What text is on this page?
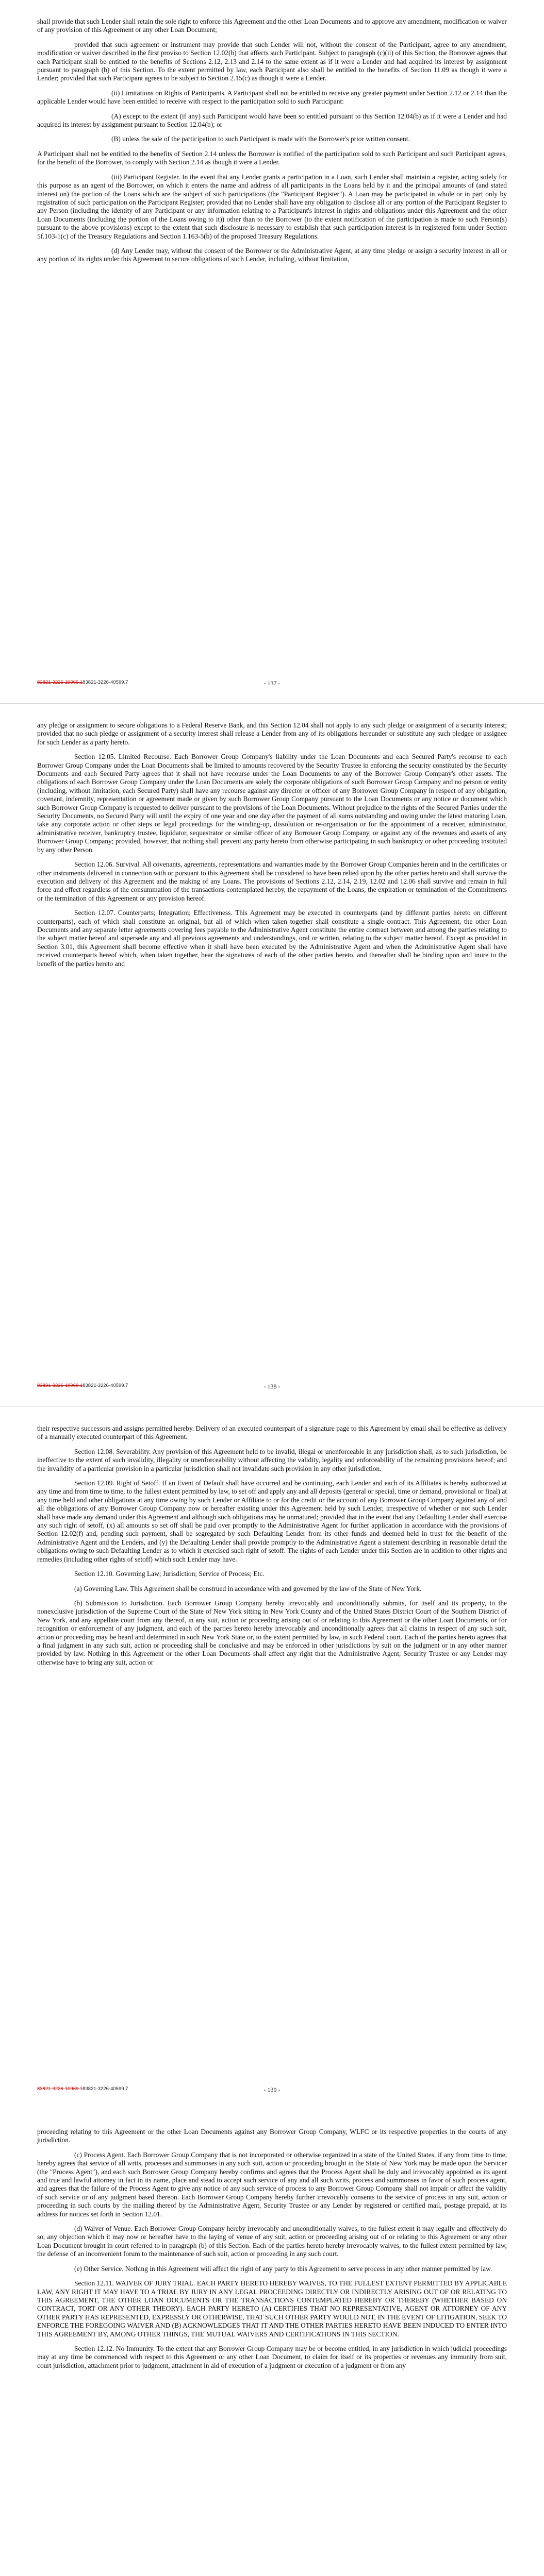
shall provide that such Lender shall retain the sole right to enforce this Agreement and the other Loan Documents and to approve any amendment, modification or waiver of any provision of this Agreement or any other Loan Document;

provided that such agreement or instrument may provide that such Lender will not, without the consent of the Participant, agree to any amendment, modification or waiver described in the first proviso to Section 12.02(b) that affects such Participant. Subject to paragraph (c)(ii) of this Section, the Borrower agrees that each Participant shall be entitled to the benefits of Sections 2.12, 2.13 and 2.14 to the same extent as if it were a Lender and had acquired its interest by assignment pursuant to paragraph (b) of this Section. To the extent permitted by law, each Participant also shall be entitled to the benefits of Section 11.09 as though it were a Lender; provided that such Participant agrees to be subject to Section 2.15(c) as though it were a Lender.

(ii) Limitations on Rights of Participants. A Participant shall not be entitled to receive any greater payment under Section 2.12 or 2.14 than the applicable Lender would have been entitled to receive with respect to the participation sold to such Participant:

(A) except to the extent (if any) such Participant would have been so entitled pursuant to this Section 12.04(b) as if it were a Lender and had acquired its interest by assignment pursuant to Section 12.04(b); or

(B) unless the sale of the participation to such Participant is made with the Borrower's prior written consent.

A Participant shall not be entitled to the benefits of Section 2.14 unless the Borrower is notified of the participation sold to such Participant and such Participant agrees, for the benefit of the Borrower, to comply with Section 2.14 as though it were a Lender.

(iii) Participant Register. In the event that any Lender grants a participation in a Loan, such Lender shall maintain a register, acting solely for this purpose as an agent of the Borrower, on which it enters the name and address of all participants in the Loans held by it and the principal amounts of (and stated interest on) the portion of the Loans which are the subject of such participations (the "Participant Register"). A Loan may be participated in whole or in part only by registration of such participation on the Participant Register; provided that no Lender shall have any obligation to disclose all or any portion of the Participant Register to any Person (including the identity of any Participant or any information relating to a Participant's interest in rights and obligations under this Agreement and the other Loan Documents (including the portion of the Loans owing to it)) other than to the Borrower (to the extent notification of the participation is made to such Person(s) pursuant to the above provisions) except to the extent that such disclosure is necessary to establish that such participation interest is in registered form under Section 5f.103-1(c) of the Treasury Regulations and Section 1.163-5(b) of the proposed Treasury Regulations.

(d) Any Lender may, without the consent of the Borrower or the Administrative Agent, at any time pledge or assign a security interest in all or any portion of its rights under this Agreement to secure obligations of such Lender, including, without limitation,

83821-3226-10969.183821-3226-40599.7	- 137 -

any pledge or assignment to secure obligations to a Federal Reserve Bank, and this Section 12.04 shall not apply to any such pledge or assignment of a security interest; provided that no such pledge or assignment of a security interest shall release a Lender from any of its obligations hereunder or substitute any such pledgee or assignee for such Lender as a party hereto.

Section 12.05. Limited Recourse. Each Borrower Group Company's liability under the Loan Documents and each Secured Party's recourse to each Borrower Group Company under the Loan Documents shall be limited to amounts recovered by the Security Trustee in enforcing the security constituted by the Security Documents and each Secured Party agrees that it shall not have recourse under the Loan Documents to any of the Borrower Group Company's other assets. The obligations of each Borrower Group Company under the Loan Documents are solely the corporate obligations of such Borrower Group Company and no person or entity (including, without limitation, each Secured Party) shall have any recourse against any director or officer of any Borrower Group Company in respect of any obligation, covenant, indemnity, representation or agreement made or given by such Borrower Group Company pursuant to the Loan Documents or any notice or document which such Borrower Group Company is requested to deliver pursuant to the provisions of the Loan Documents. Without prejudice to the rights of the Secured Parties under the Security Documents, no Secured Party will until the expiry of one year and one day after the payment of all sums outstanding and owing under the latest maturing Loan, take any corporate action or other steps or legal proceedings for the winding-up, dissolution or re-organisation or for the appointment of a receiver, administrator, administrative receiver, bankruptcy trustee, liquidator, sequestrator or similar officer of any Borrower Group Company, or against any of the revenues and assets of any Borrower Group Company; provided, however, that nothing shall prevent any party hereto from otherwise participating in such bankruptcy or other proceeding instituted by any other Person.

Section 12.06. Survival. All covenants, agreements, representations and warranties made by the Borrower Group Companies herein and in the certificates or other instruments delivered in connection with or pursuant to this Agreement shall be considered to have been relied upon by the other parties hereto and shall survive the execution and delivery of this Agreement and the making of any Loans. The provisions of Sections 2.12, 2.14, 2.19, 12.02 and 12.06 shall survive and remain in full force and effect regardless of the consummation of the transactions contemplated hereby, the repayment of the Loans, the expiration or termination of the Commitments or the termination of this Agreement or any provision hereof.

Section 12.07. Counterparts; Integration; Effectiveness. This Agreement may be executed in counterparts (and by different parties hereto on different counterparts), each of which shall constitute an original, but all of which when taken together shall constitute a single contract. This Agreement, the other Loan Documents and any separate letter agreements covering fees payable to the Administrative Agent constitute the entire contract between and among the parties relating to the subject matter hereof and supersede any and all previous agreements and understandings, oral or written, relating to the subject matter hereof. Except as provided in Section 3.01, this Agreement shall become effective when it shall have been executed by the Administrative Agent and when the Administrative Agent shall have received counterparts hereof which, when taken together, bear the signatures of each of the other parties hereto, and thereafter shall be binding upon and inure to the benefit of the parties hereto and

83821-3226-10969.183821-3226-40599.7	- 138 -

their respective successors and assigns permitted hereby. Delivery of an executed counterpart of a signature page to this Agreement by email shall be effective as delivery of a manually executed counterpart of this Agreement.

Section 12.08. Severability. Any provision of this Agreement held to be invalid, illegal or unenforceable in any jurisdiction shall, as to such jurisdiction, be ineffective to the extent of such invalidity, illegality or unenforceability without affecting the validity, legality and enforceability of the remaining provisions hereof; and the invalidity of a particular provision in a particular jurisdiction shall not invalidate such provision in any other jurisdiction.

Section 12.09. Right of Setoff. If an Event of Default shall have occurred and be continuing, each Lender and each of its Affiliates is hereby authorized at any time and from time to time, to the fullest extent permitted by law, to set off and apply any and all deposits (general or special, time or demand, provisional or final) at any time held and other obligations at any time owing by such Lender or Affiliate to or for the credit or the account of any Borrower Group Company against any of and all the obligations of any Borrower Group Company now or hereafter existing under this Agreement held by such Lender, irrespective of whether or not such Lender shall have made any demand under this Agreement and although such obligations may be unmatured; provided that in the event that any Defaulting Lender shall exercise any such right of setoff, (x) all amounts so set off shall be paid over promptly to the Administrative Agent for further application in accordance with the provisions of Section 12.02(f) and, pending such payment, shall be segregated by such Defaulting Lender from its other funds and deemed held in trust for the benefit of the Administrative Agent and the Lenders, and (y) the Defaulting Lender shall provide promptly to the Administrative Agent a statement describing in reasonable detail the obligations owing to such Defaulting Lender as to which it exercised such right of setoff. The rights of each Lender under this Section are in addition to other rights and remedies (including other rights of setoff) which such Lender may have.

Section 12.10. Governing Law; Jurisdiction; Service of Process; Etc.

(a) Governing Law. This Agreement shall be construed in accordance with and governed by the law of the State of New York.

(b) Submission to Jurisdiction. Each Borrower Group Company hereby irrevocably and unconditionally submits, for itself and its property, to the nonexclusive jurisdiction of the Supreme Court of the State of New York sitting in New York County and of the United States District Court of the Southern District of New York, and any appellate court from any thereof, in any suit, action or proceeding arising out of or relating to this Agreement or the other Loan Documents, or for recognition or enforcement of any judgment, and each of the parties hereto hereby irrevocably and unconditionally agrees that all claims in respect of any such suit, action or proceeding may be heard and determined in such New York State or, to the extent permitted by law, in such Federal court. Each of the parties hereto agrees that a final judgment in any such suit, action or proceeding shall be conclusive and may be enforced in other jurisdictions by suit on the judgment or in any other manner provided by law. Nothing in this Agreement or the other Loan Documents shall affect any right that the Administrative Agent, Security Trustee or any Lender may otherwise have to bring any suit, action or

83821-3226-10969.183821-3226-40599.7	- 139 -

proceeding relating to this Agreement or the other Loan Documents against any Borrower Group Company, WLFC or its respective properties in the courts of any jurisdiction.

(c) Process Agent. Each Borrower Group Company that is not incorporated or otherwise organized in a state of the United States, if any from time to time, hereby agrees that service of all writs, processes and summonses in any such suit, action or proceeding brought in the State of New York may be made upon the Servicer (the "Process Agent"), and each such Borrower Group Company hereby confirms and agrees that the Process Agent shall be duly and irrevocably appointed as its agent and true and lawful attorney in fact in its name, place and stead to accept such service of any and all such writs, process and summonses in favor of such process agent, and agrees that the failure of the Process Agent to give any notice of any such service of process to any Borrower Group Company shall not impair or affect the validity of such service or of any judgment based thereon. Each Borrower Group Company hereby further irrevocably consents to the service of process in any suit, action or proceeding in such courts by the mailing thereof by the Administrative Agent, Security Trustee or any Lender by registered or certified mail, postage prepaid, at its address for notices set forth in Section 12.01.

(d) Waiver of Venue. Each Borrower Group Company hereby irrevocably and unconditionally waives, to the fullest extent it may legally and effectively do so, any objection which it may now or hereafter have to the laying of venue of any suit, action or proceeding arising out of or relating to this Agreement or any other Loan Document brought in court referred to in paragraph (b) of this Section. Each of the parties hereto hereby irrevocably waives, to the fullest extent permitted by law, the defense of an inconvenient forum to the maintenance of such suit, action or proceeding in any such court.

(e) Other Service. Nothing in this Agreement will affect the right of any party to this Agreement to serve process in any other manner permitted by law.

Section 12.11. WAIVER OF JURY TRIAL. EACH PARTY HERETO HEREBY WAIVES, TO THE FULLEST EXTENT PERMITTED BY APPLICABLE LAW, ANY RIGHT IT MAY HAVE TO A TRIAL BY JURY IN ANY LEGAL PROCEEDING DIRECTLY OR INDIRECTLY ARISING OUT OF OR RELATING TO THIS AGREEMENT, THE OTHER LOAN DOCUMENTS OR THE TRANSACTIONS CONTEMPLATED HEREBY OR THEREBY (WHETHER BASED ON CONTRACT, TORT OR ANY OTHER THEORY). EACH PARTY HERETO (A) CERTIFIES THAT NO REPRESENTATIVE, AGENT OR ATTORNEY OF ANY OTHER PARTY HAS REPRESENTED, EXPRESSLY OR OTHERWISE, THAT SUCH OTHER PARTY WOULD NOT, IN THE EVENT OF LITIGATION, SEEK TO ENFORCE THE FOREGOING WAIVER AND (B) ACKNOWLEDGES THAT IT AND THE OTHER PARTIES HERETO HAVE BEEN INDUCED TO ENTER INTO THIS AGREEMENT BY, AMONG OTHER THINGS, THE MUTUAL WAIVERS AND CERTIFICATIONS IN THIS SECTION.

Section 12.12. No Immunity. To the extent that any Borrower Group Company may be or become entitled, in any jurisdiction in which judicial proceedings may at any time be commenced with respect to this Agreement or any other Loan Document, to claim for itself or its properties or revenues any immunity from suit, court jurisdiction, attachment prior to judgment, attachment in aid of execution of a judgment or execution of a judgment or from any
